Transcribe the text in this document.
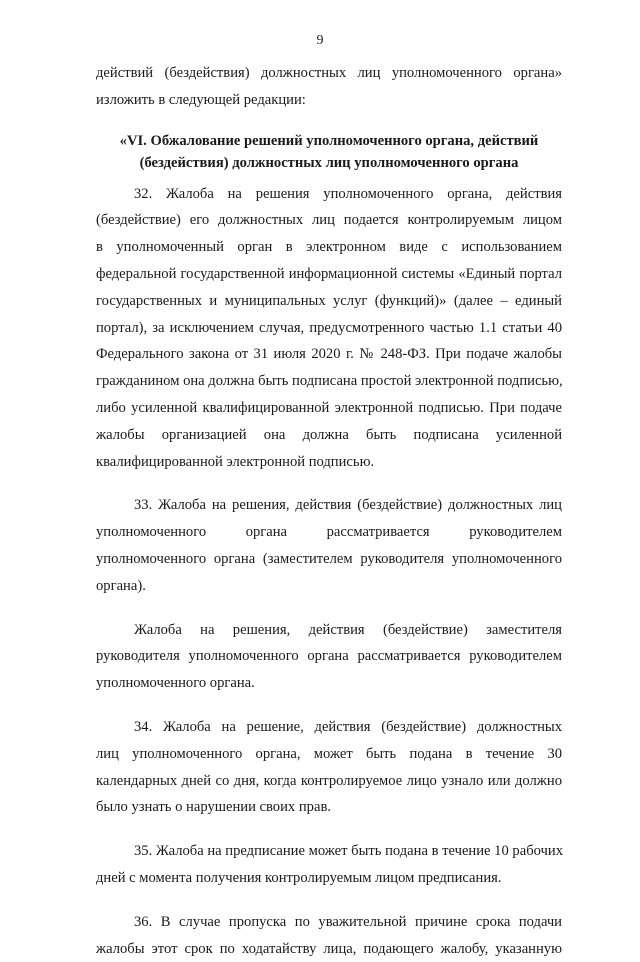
9
действий (бездействия) должностных лиц уполномоченного органа»
изложить в следующей редакции:
«VI. Обжалование решений уполномоченного органа, действий
(бездействия) должностных лиц уполномоченного органа
32. Жалоба на решения уполномоченного органа, действия
(бездействие) его должностных лиц подается контролируемым лицом
в уполномоченный орган в электронном виде с использованием
федеральной государственной информационной системы «Единый портал
государственных и муниципальных услуг (функций)» (далее – единый
портал), за исключением случая, предусмотренного частью 1.1 статьи 40
Федерального закона от 31 июля 2020 г. № 248-ФЗ. При подаче жалобы
гражданином она должна быть подписана простой электронной подписью,
либо усиленной квалифицированной электронной подписью. При подаче
жалобы организацией она должна быть подписана усиленной
квалифицированной электронной подписью.
33. Жалоба на решения, действия (бездействие) должностных лиц
уполномоченного органа рассматривается руководителем
уполномоченного органа (заместителем руководителя уполномоченного
органа).
Жалоба на решения, действия (бездействие) заместителя
руководителя уполномоченного органа рассматривается руководителем
уполномоченного органа.
34. Жалоба на решение, действия (бездействие) должностных
лиц уполномоченного органа, может быть подана в течение 30
календарных дней со дня, когда контролируемое лицо узнало или должно
было узнать о нарушении своих прав.
35. Жалоба на предписание может быть подана в течение 10 рабочих
дней с момента получения контролируемым лицом предписания.
36. В случае пропуска по уважительной причине срока подачи
жалобы этот срок по ходатайству лица, подающего жалобу, указанную
